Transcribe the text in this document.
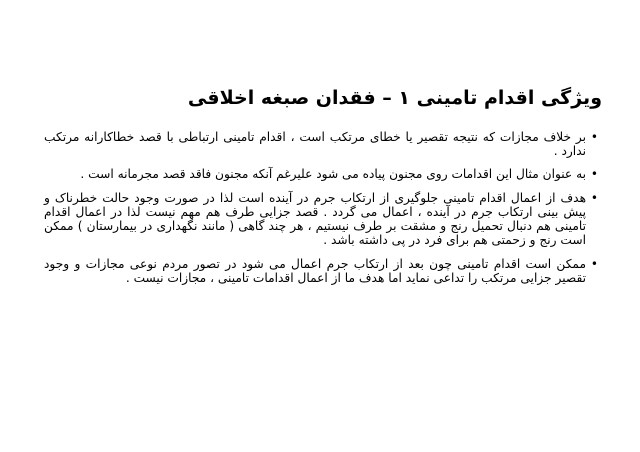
ویژگی اقدام تامینی ۱ – فقدان صبغه اخلاقی
• بر خلاف مجازات که نتیجه تقصیر یا خطای مرتکب است ، اقدام تامینی ارتباطی با قصد خطاکارانه مرتکب ندارد .
• به عنوان مثال این اقدامات روی مجنون پیاده می شود علیرغم آنکه مجنون فاقد قصد مجرمانه است .
• هدف از اعمال اقدام تامینی جلوگیری از ارتکاب جرم در آینده است لذا در صورت وجود حالت خطرناک و پیش بینی ارتکاب جرم در آینده ، اعمال می گردد . قصد جزایی طرف هم مهم نیست لذا در اعمال اقدام تامینی هم دنبال تحمیل رنج و مشقت بر طرف نیستیم ، هر چند گاهی ( مانند نگهداری در بیمارستان ) ممکن است رنج و زحمتی هم برای فرد در پی داشته باشد .
• ممکن است اقدام تامینی چون بعد از ارتکاب جرم اعمال می شود در تصور مردم نوعی مجازات و وجود تقصیر جزایی مرتکب را تداعی نماید اما هدف ما از اعمال اقدامات تامینی ، مجازات نیست .
